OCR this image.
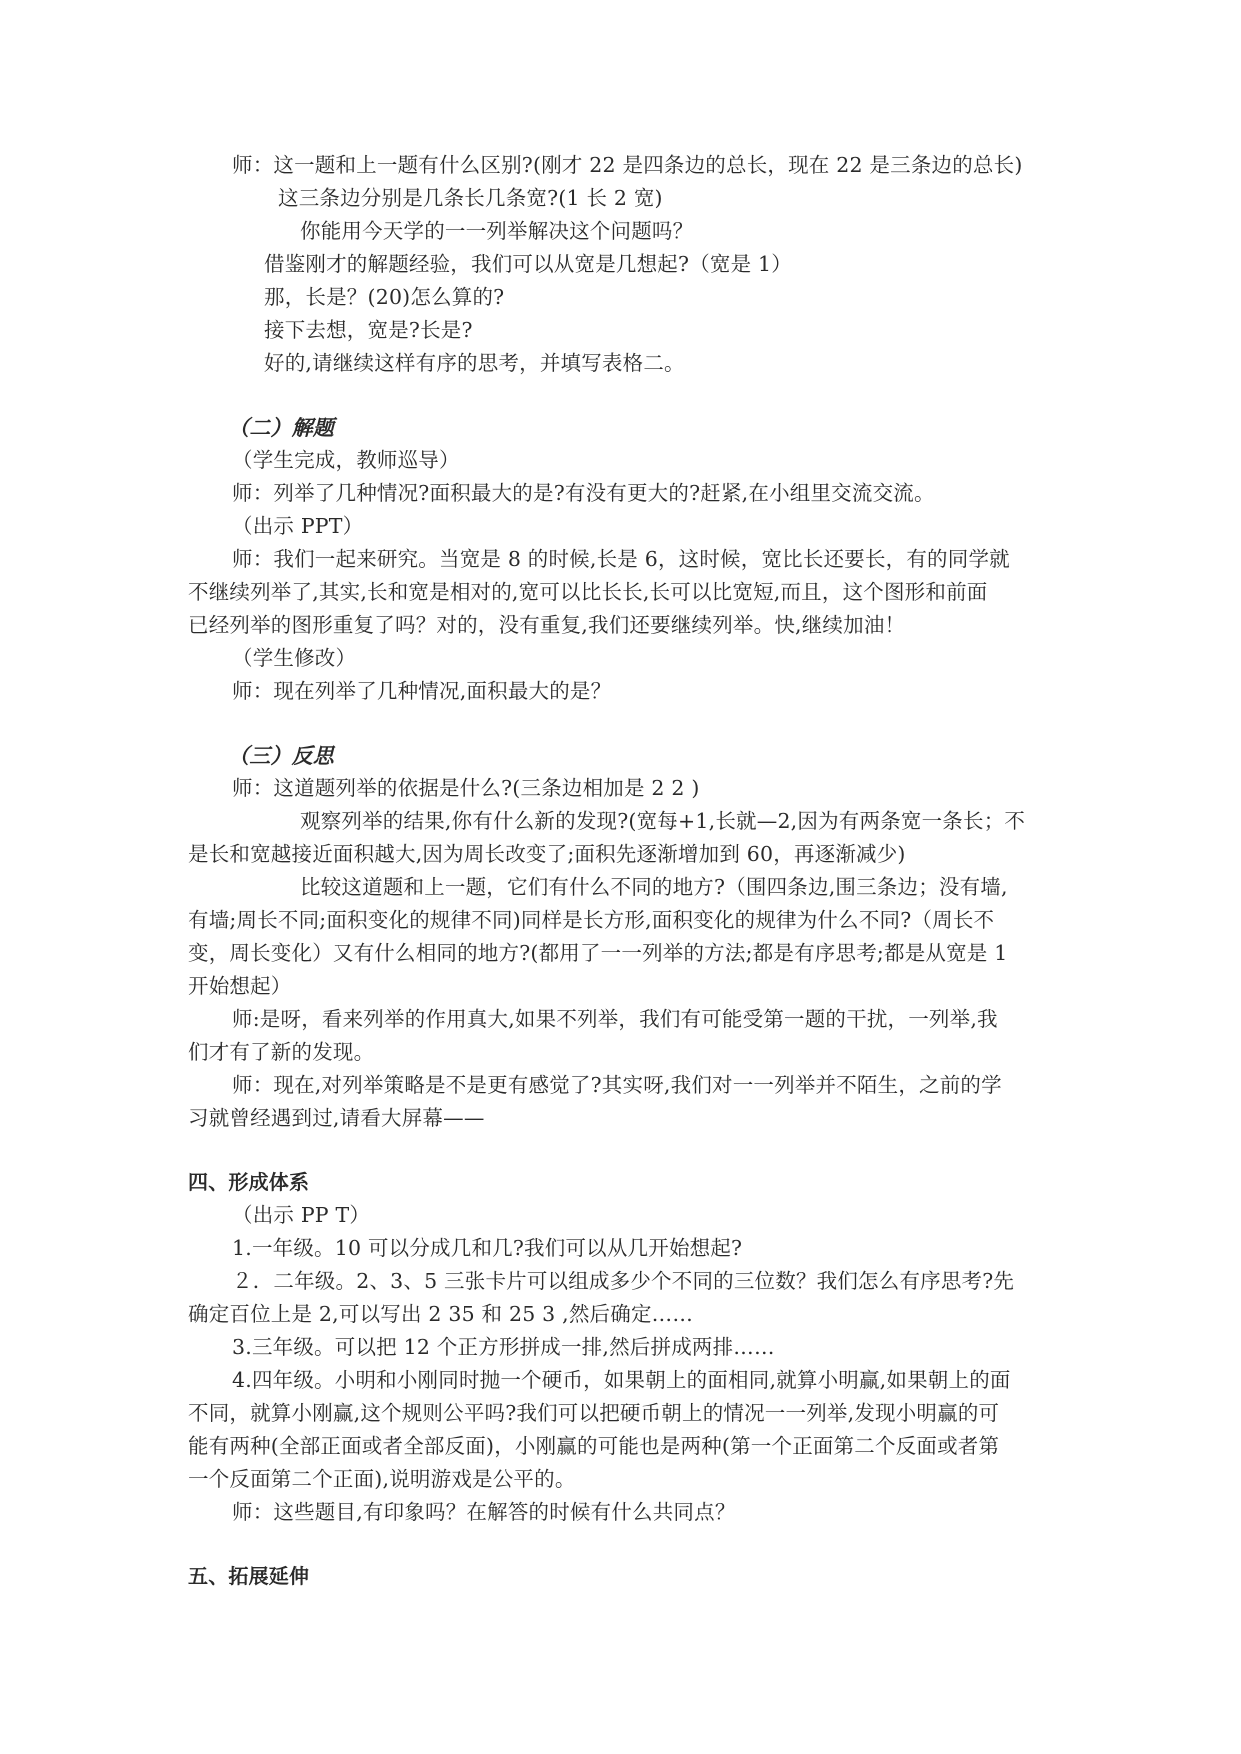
师：这一题和上一题有什么区别?(刚才 22 是四条边的总长，现在 22 是三条边的总长)
这三条边分别是几条长几条宽?(1 长 2 宽)
你能用今天学的一一列举解决这个问题吗？
借鉴刚才的解题经验，我们可以从宽是几想起?（宽是 1）
那，长是？(20)怎么算的?
接下去想，宽是?长是?
好的,请继续这样有序的思考，并填写表格二。
（二）解题
（学生完成，教师巡导）
师：列举了几种情况?面积最大的是?有没有更大的?赶紧,在小组里交流交流。
（出示 PPT）
师：我们一起来研究。当宽是 8 的时候,长是 6，这时候，宽比长还要长，有的同学就
不继续列举了,其实,长和宽是相对的,宽可以比长长,长可以比宽短,而且，这个图形和前面
已经列举的图形重复了吗？对的，没有重复,我们还要继续列举。快,继续加油！
（学生修改）
师：现在列举了几种情况,面积最大的是？
（三）反思
师：这道题列举的依据是什么?(三条边相加是 2 2 )
观察列举的结果,你有什么新的发现?(宽每+1,长就—2,因为有两条宽一条长；不
是长和宽越接近面积越大,因为周长改变了;面积先逐渐增加到 60，再逐渐减少)
比较这道题和上一题，它们有什么不同的地方?（围四条边,围三条边；没有墙,
有墙;周长不同;面积变化的规律不同)同样是长方形,面积变化的规律为什么不同?（周长不
变，周长变化）又有什么相同的地方?(都用了一一列举的方法;都是有序思考;都是从宽是 1
开始想起）
师:是呀，看来列举的作用真大,如果不列举，我们有可能受第一题的干扰，一列举,我
们才有了新的发现。
师：现在,对列举策略是不是更有感觉了?其实呀,我们对一一列举并不陌生，之前的学
习就曾经遇到过,请看大屏幕——
四、形成体系
（出示 PP T）
1.一年级。10 可以分成几和几?我们可以从几开始想起?
２．二年级。2、3、5 三张卡片可以组成多少个不同的三位数？我们怎么有序思考?先
确定百位上是 2,可以写出 2 35 和 25 3 ,然后确定……
3.三年级。可以把 12 个正方形拼成一排,然后拼成两排……
4.四年级。小明和小刚同时抛一个硬币，如果朝上的面相同,就算小明赢,如果朝上的面
不同，就算小刚赢,这个规则公平吗?我们可以把硬币朝上的情况一一列举,发现小明赢的可
能有两种(全部正面或者全部反面)，小刚赢的可能也是两种(第一个正面第二个反面或者第
一个反面第二个正面),说明游戏是公平的。
师：这些题目,有印象吗？在解答的时候有什么共同点？
五、拓展延伸
